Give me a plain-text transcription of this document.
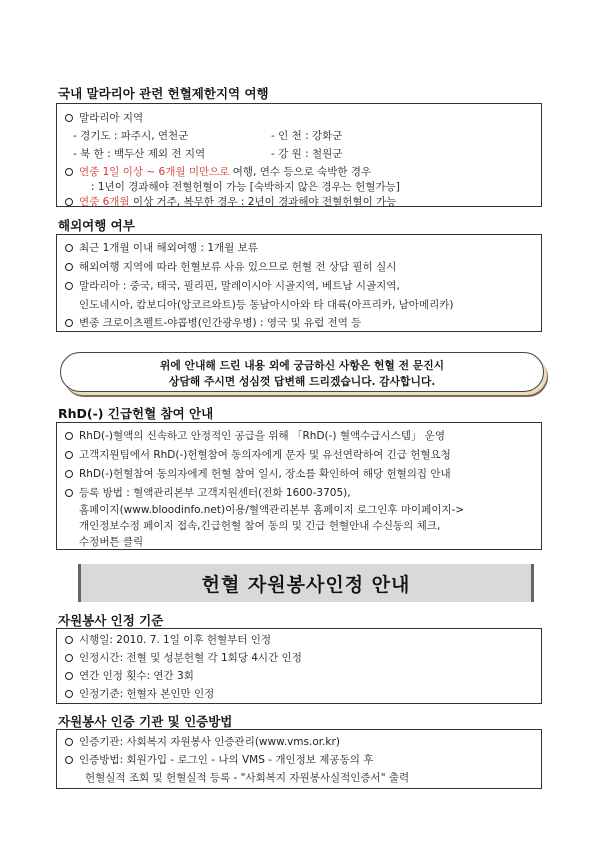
국내 말라리아 관련 헌혈제한지역 여행
말라리아 지역
- 경기도 : 파주시, 연천군	- 인 천 : 강화군
- 북 한 : 백두산 제외 전 지역	- 강 원 : 철원군
연중 1일 이상 ~ 6개월 미만으로 여행, 연수 등으로 숙박한 경우
: 1년이 경과해야 전혈헌혈이 가능 [숙박하지 않은 경우는 헌혈가능]
연중 6개월 이상 거주, 복무한 경우 : 2년이 경과해야 전혈헌혈이 가능
해외여행 여부
최근 1개월 이내 해외여행 : 1개월 보류
해외여행 지역에 따라 헌혈보류 사유 있으므로 헌혈 전 상담 필히 실시
말라리아 : 중국, 태국, 필리핀, 말레이시아 시골지역, 베트남 시골지역,
인도네시아, 캄보디아(앙코르와트)등 동남아시아와 타 대륙(아프리카, 남아메리카)
변종 크로이츠펠트-야콥병(인간광우병) : 영국 및 유럽 전역 등
위에 안내해 드린 내용 외에 궁금하신 사항은 헌혈 전 문진시
상담해 주시면 성심껏 답변해 드리겠습니다. 감사합니다.
RhD(-) 긴급헌혈 참여 안내
RhD(-)혈액의 신속하고 안정적인 공급을 위해 「RhD(-) 혈액수급시스템」 운영
고객지원팀에서 RhD(-)헌혈참여 동의자에게 문자 및 유선연락하여 긴급 헌혈요청
RhD(-)헌혈참여 동의자에게 헌혈 참여 일시, 장소를 확인하여 해당 헌혈의집 안내
등록 방법 : 혈액관리본부 고객지원센터(전화 1600-3705),
홈페이지(www.bloodinfo.net)이용/혈액관리본부 홈페이지 로그인후 마이페이지->
개인정보수정 페이지 접속,긴급헌혈 참여 동의 및 긴급 헌혈안내 수신동의 체크,
수정버튼 클릭
헌혈 자원봉사인정 안내
자원봉사 인정 기준
시행일: 2010. 7. 1일 이후 헌혈부터 인정
인정시간: 전혈 및 성분헌혈 각 1회당 4시간 인정
연간 인정 횟수: 연간 3회
인정기준: 헌혈자 본인만 인정
자원봉사 인증 기관 및 인증방법
인증기관: 사회복지 자원봉사 인증관리(www.vms.or.kr)
인증방법: 회원가입 - 로그인 - 나의 VMS - 개인정보 제공동의 후
헌혈실적 조회 및 헌혈실적 등록 - "사회복지 자원봉사실적인증서" 출력
